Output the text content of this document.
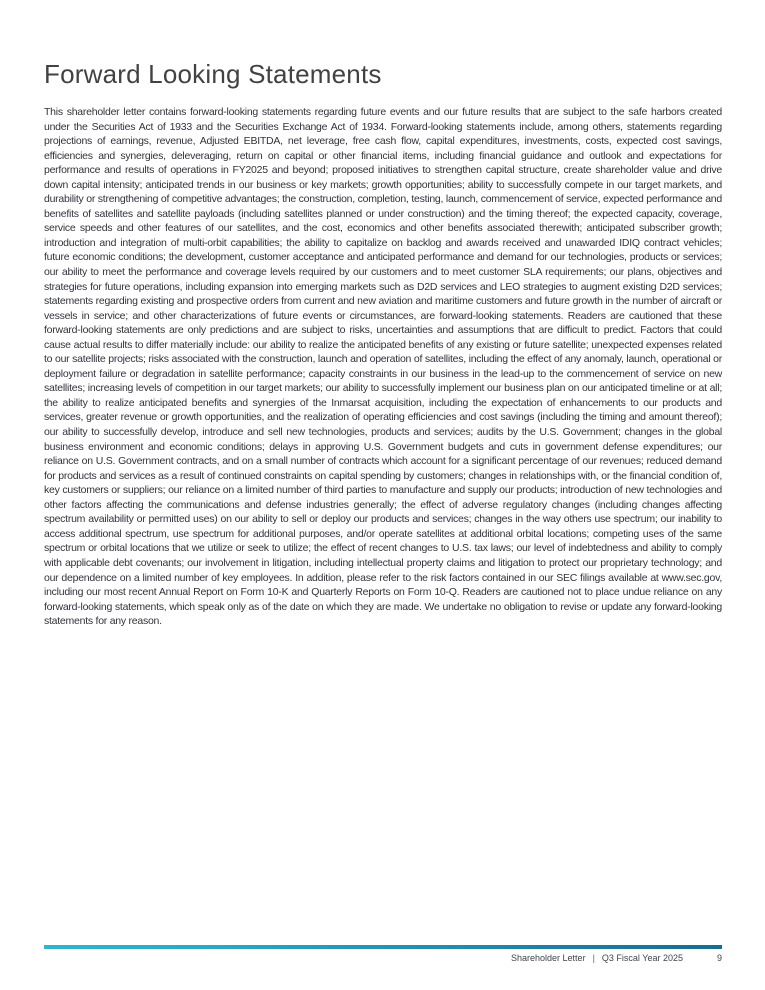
Forward Looking Statements

This shareholder letter contains forward-looking statements regarding future events and our future results that are subject to the safe harbors created under the Securities Act of 1933 and the Securities Exchange Act of 1934. Forward-looking statements include, among others, statements regarding projections of earnings, revenue, Adjusted EBITDA, net leverage, free cash flow, capital expenditures, investments, costs, expected cost savings, efficiencies and synergies, deleveraging, return on capital or other financial items, including financial guidance and outlook and expectations for performance and results of operations in FY2025 and beyond; proposed initiatives to strengthen capital structure, create shareholder value and drive down capital intensity; anticipated trends in our business or key markets; growth opportunities; ability to successfully compete in our target markets, and durability or strengthening of competitive advantages; the construction, completion, testing, launch, commencement of service, expected performance and benefits of satellites and satellite payloads (including satellites planned or under construction) and the timing thereof; the expected capacity, coverage, service speeds and other features of our satellites, and the cost, economics and other benefits associated therewith; anticipated subscriber growth; introduction and integration of multi-orbit capabilities; the ability to capitalize on backlog and awards received and unawarded IDIQ contract vehicles; future economic conditions; the development, customer acceptance and anticipated performance and demand for our technologies, products or services; our ability to meet the performance and coverage levels required by our customers and to meet customer SLA requirements; our plans, objectives and strategies for future operations, including expansion into emerging markets such as D2D services and LEO strategies to augment existing D2D services; statements regarding existing and prospective orders from current and new aviation and maritime customers and future growth in the number of aircraft or vessels in service; and other characterizations of future events or circumstances, are forward-looking statements. Readers are cautioned that these forward-looking statements are only predictions and are subject to risks, uncertainties and assumptions that are difficult to predict. Factors that could cause actual results to differ materially include: our ability to realize the anticipated benefits of any existing or future satellite; unexpected expenses related to our satellite projects; risks associated with the construction, launch and operation of satellites, including the effect of any anomaly, launch, operational or deployment failure or degradation in satellite performance; capacity constraints in our business in the lead-up to the commencement of service on new satellites; increasing levels of competition in our target markets; our ability to successfully implement our business plan on our anticipated timeline or at all; the ability to realize anticipated benefits and synergies of the Inmarsat acquisition, including the expectation of enhancements to our products and services, greater revenue or growth opportunities, and the realization of operating efficiencies and cost savings (including the timing and amount thereof); our ability to successfully develop, introduce and sell new technologies, products and services; audits by the U.S. Government; changes in the global business environment and economic conditions; delays in approving U.S. Government budgets and cuts in government defense expenditures; our reliance on U.S. Government contracts, and on a small number of contracts which account for a significant percentage of our revenues; reduced demand for products and services as a result of continued constraints on capital spending by customers; changes in relationships with, or the financial condition of, key customers or suppliers; our reliance on a limited number of third parties to manufacture and supply our products; introduction of new technologies and other factors affecting the communications and defense industries generally; the effect of adverse regulatory changes (including changes affecting spectrum availability or permitted uses) on our ability to sell or deploy our products and services; changes in the way others use spectrum; our inability to access additional spectrum, use spectrum for additional purposes, and/or operate satellites at additional orbital locations; competing uses of the same spectrum or orbital locations that we utilize or seek to utilize; the effect of recent changes to U.S. tax laws; our level of indebtedness and ability to comply with applicable debt covenants; our involvement in litigation, including intellectual property claims and litigation to protect our proprietary technology; and our dependence on a limited number of key employees. In addition, please refer to the risk factors contained in our SEC filings available at www.sec.gov, including our most recent Annual Report on Form 10-K and Quarterly Reports on Form 10-Q. Readers are cautioned not to place undue reliance on any forward-looking statements, which speak only as of the date on which they are made. We undertake no obligation to revise or update any forward-looking statements for any reason.

Shareholder Letter | Q3 Fiscal Year 2025	9
